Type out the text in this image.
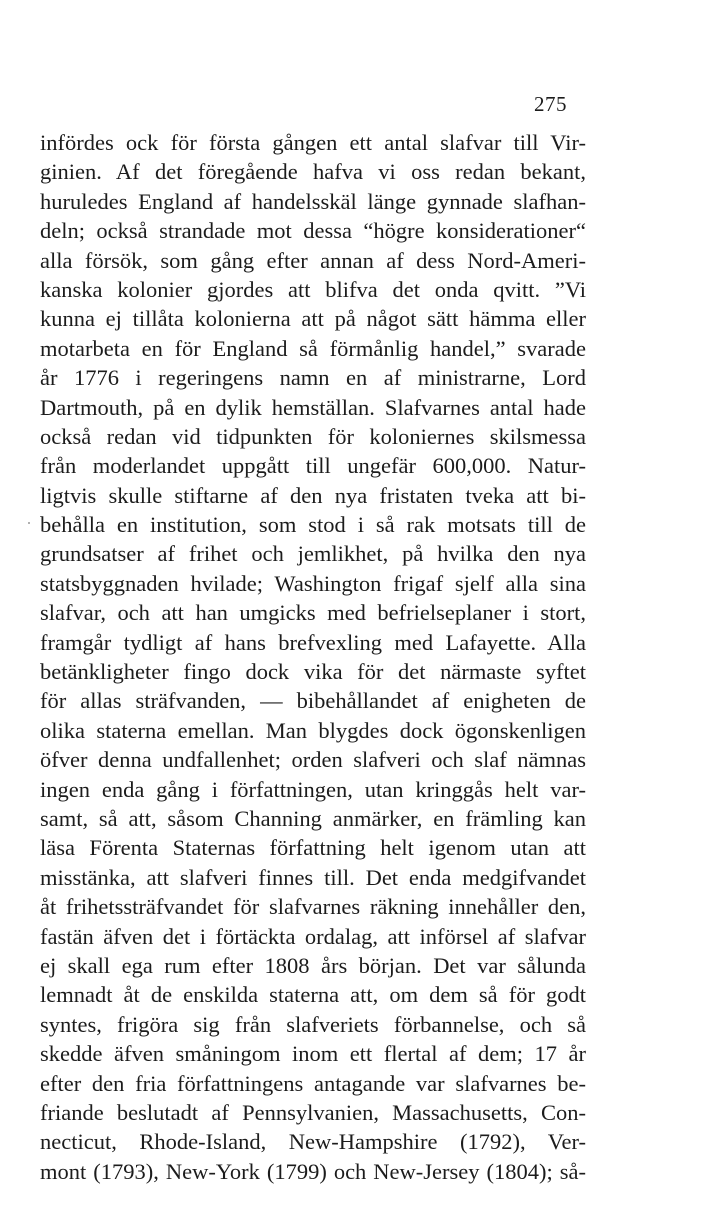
275
infördes ock för första gången ett antal slafvar till Vir-
ginien. Af det föregående hafva vi oss redan bekant,
huruledes England af handelsskäl länge gynnade slafhan-
deln; också strandade mot dessa “högre konsiderationer“
alla försök, som gång efter annan af dess Nord-Ameri-
kanska kolonier gjordes att blifva det onda qvitt. ”Vi
kunna ej tillåta kolonierna att på något sätt hämma eller
motarbeta en för England så förmånlig handel,” svarade
år 1776 i regeringens namn en af ministrarne, Lord
Dartmouth, på en dylik hemställan. Slafvarnes antal hade
också redan vid tidpunkten för koloniernes skilsmessa
från moderlandet uppgått till ungefär 600,000. Natur-
ligtvis skulle stiftarne af den nya fristaten tveka att bi-
behålla en institution, som stod i så rak motsats till de
grundsatser af frihet och jemlikhet, på hvilka den nya
statsbyggnaden hvilade; Washington frigaf sjelf alla sina
slafvar, och att han umgicks med befrielseplaner i stort,
framgår tydligt af hans brefvexling med Lafayette. Alla
betänkligheter fingo dock vika för det närmaste syftet
för allas sträfvanden, — bibehållandet af enigheten de
olika staterna emellan. Man blygdes dock ögonskenligen
öfver denna undfallenhet; orden slafveri och slaf nämnas
ingen enda gång i författningen, utan kringgås helt var-
samt, så att, såsom Channing anmärker, en främling kan
läsa Förenta Staternas författning helt igenom utan att
misstänka, att slafveri finnes till. Det enda medgifvandet
åt frihetssträfvandet för slafvarnes räkning innehåller den,
fastän äfven det i förtäckta ordalag, att införsel af slafvar
ej skall ega rum efter 1808 års början. Det var sålunda
lemnadt åt de enskilda staterna att, om dem så för godt
syntes, frigöra sig från slafveriets förbannelse, och så
skedde äfven småningom inom ett flertal af dem; 17 år
efter den fria författningens antagande var slafvarnes be-
friande beslutadt af Pennsylvanien, Massachusetts, Con-
necticut, Rhode-Island, New-Hampshire (1792), Ver-
mont (1793), New-York (1799) och New-Jersey (1804); så-
